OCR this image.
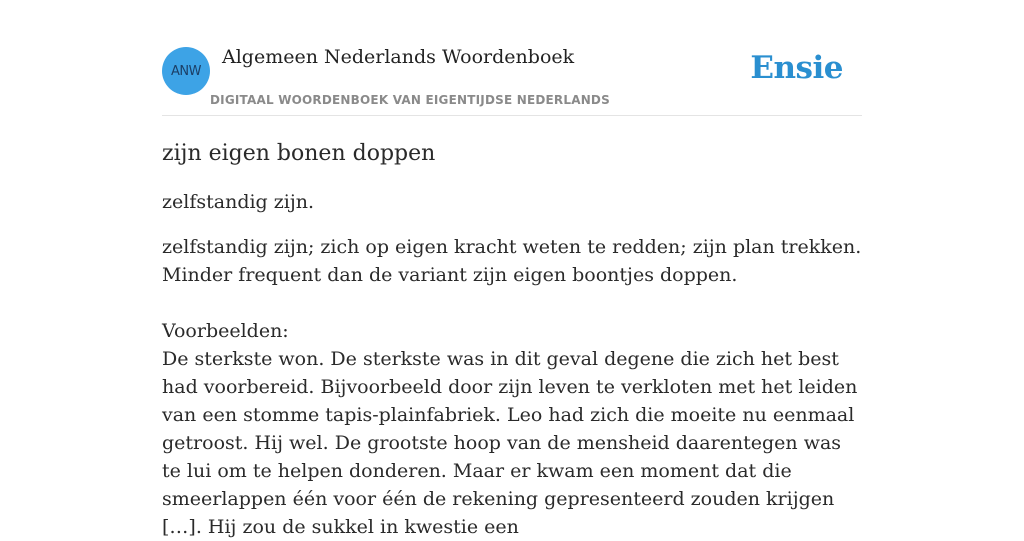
ANW
Algemeen Nederlands Woordenboek
DIGITAAL WOORDENBOEK VAN EIGENTIJDSE NEDERLANDS
Ensie
zijn eigen bonen doppen

zelfstandig zijn.

zelfstandig zijn; zich op eigen kracht weten te redden; zijn plan trekken.
Minder frequent dan de variant zijn eigen boontjes doppen.

Voorbeelden:
De sterkste won. De sterkste was in dit geval degene die zich het best had voorbereid. Bijvoorbeeld door zijn leven te verkloten met het leiden van een stomme tapis-plainfabriek. Leo had zich die moeite nu eenmaal getroost. Hij wel. De grootste hoop van de mensheid daarentegen was te lui om te helpen donderen. Maar er kwam een moment dat die smeerlappen één voor één de rekening gepresenteerd zouden krijgen […]. Hij zou de sukkel in kwestie een
